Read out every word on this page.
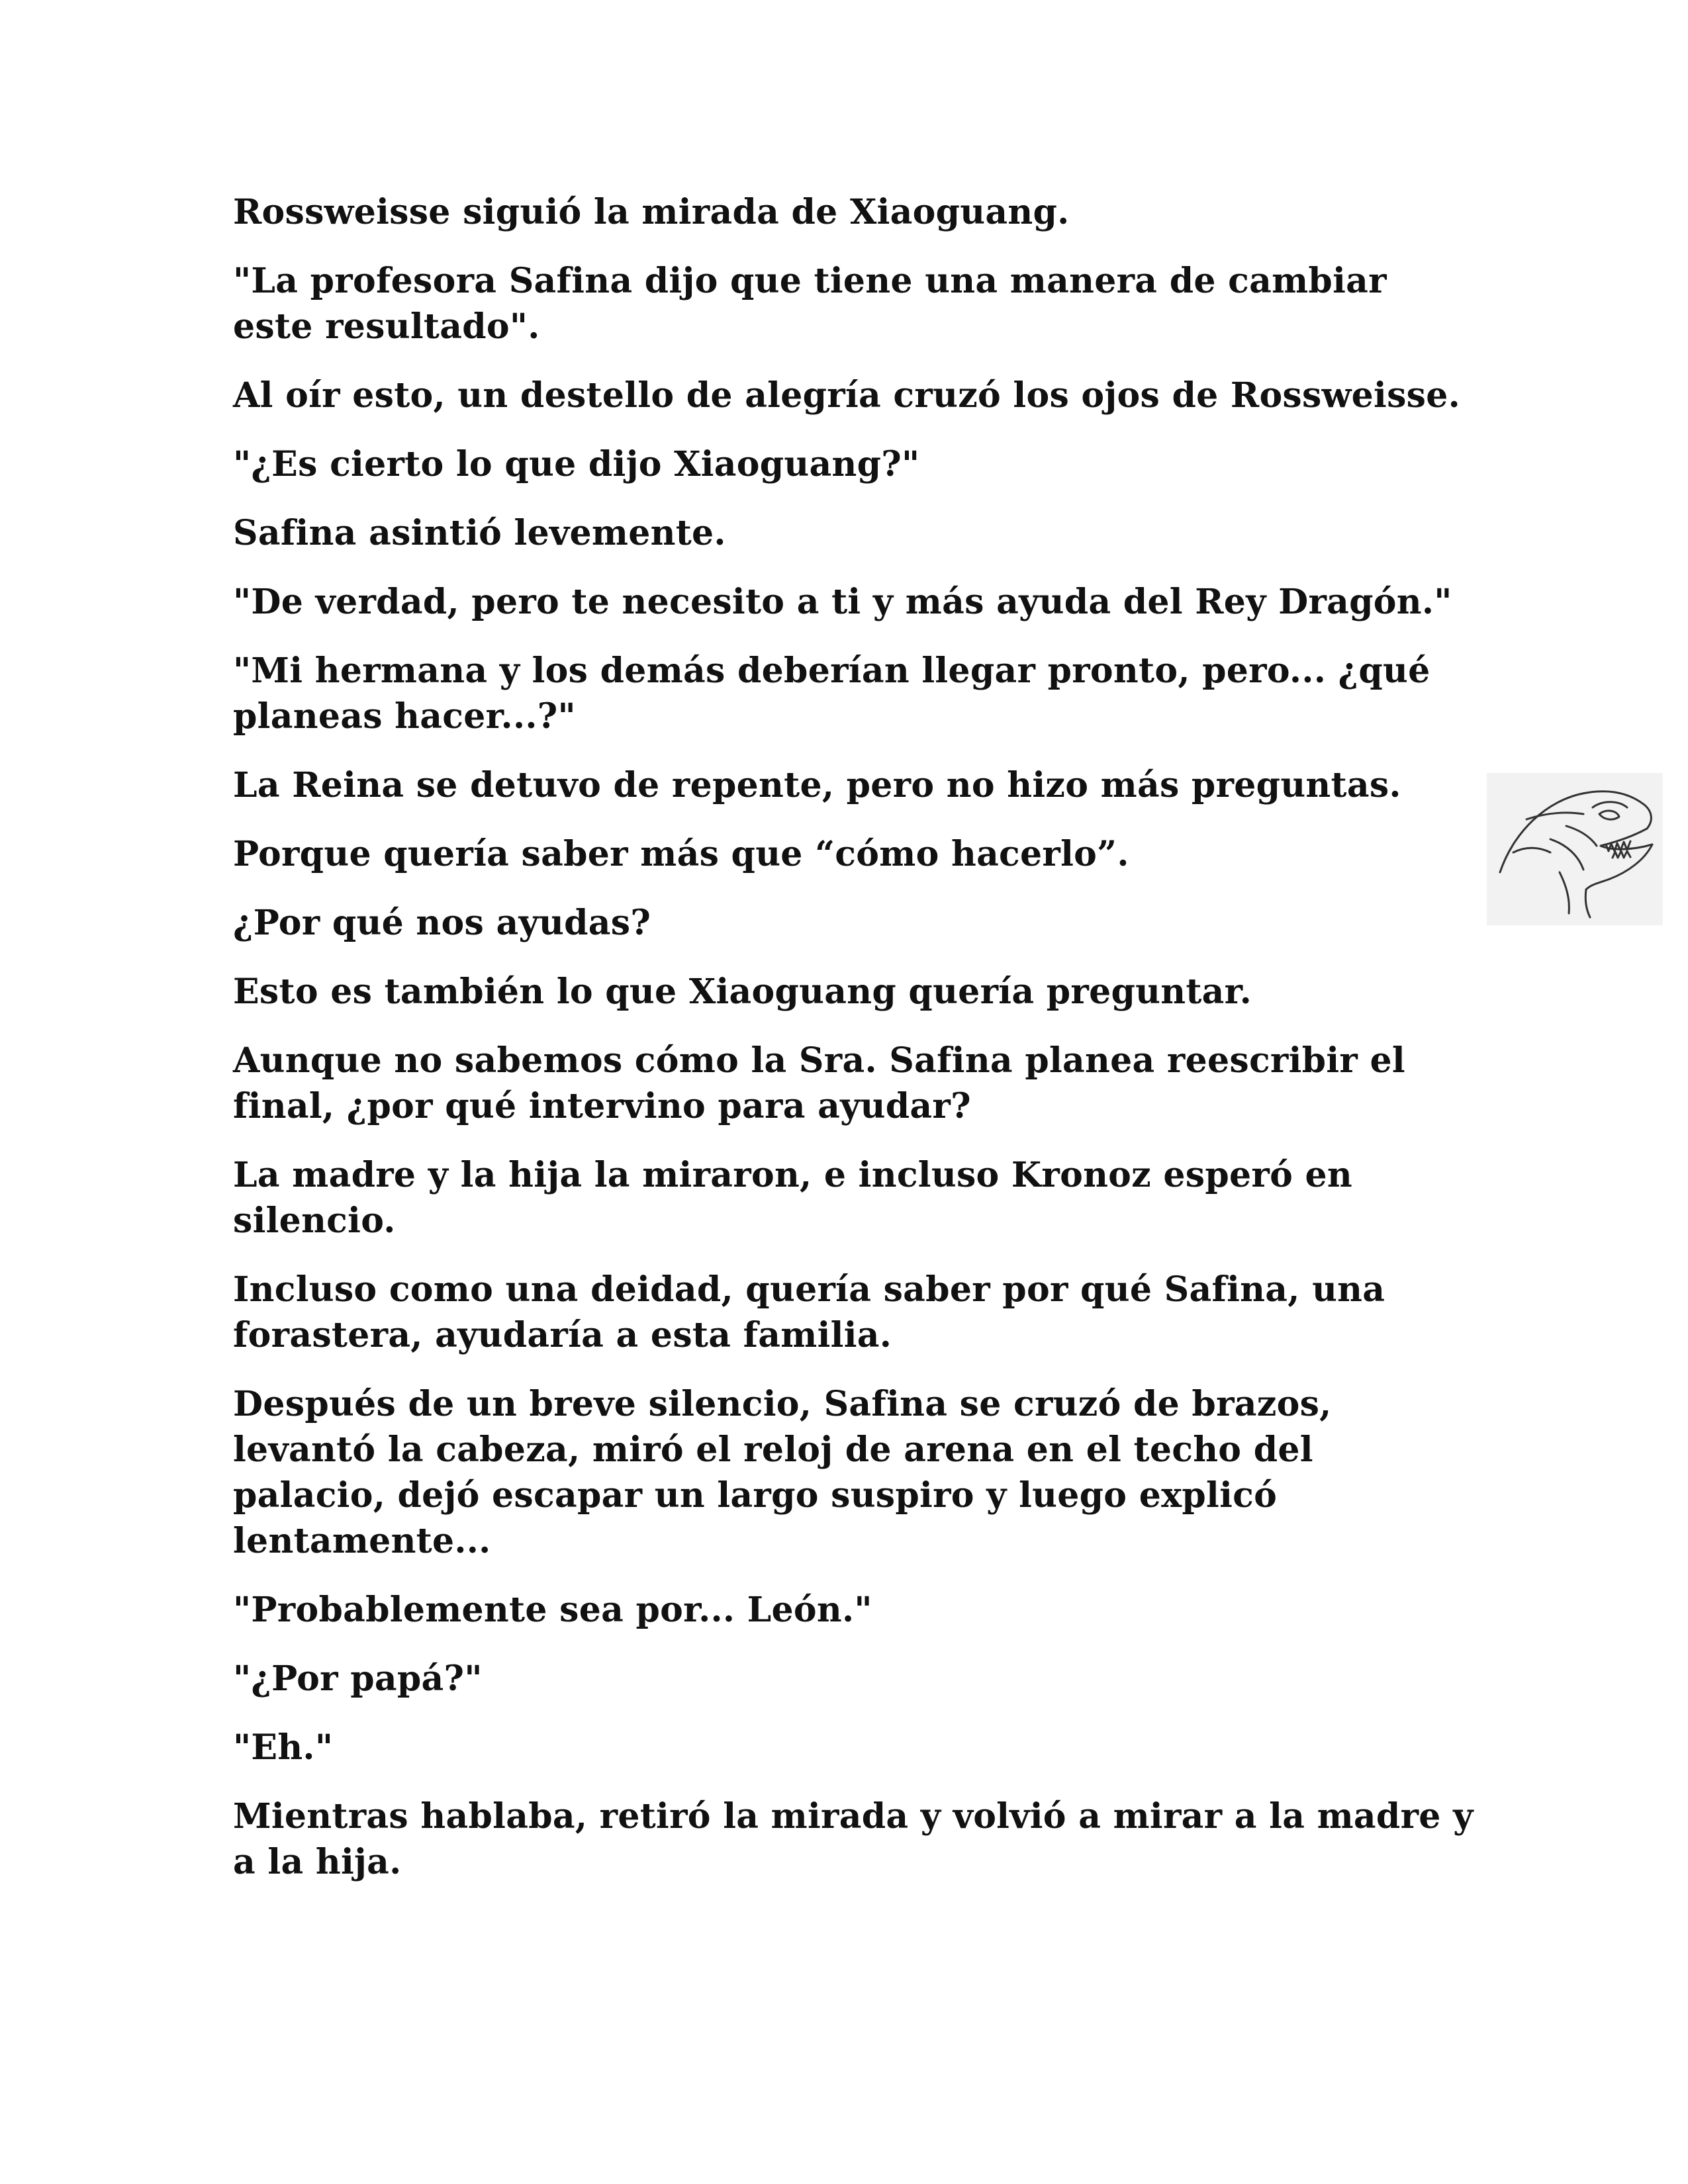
Rossweisse siguió la mirada de Xiaoguang.

"La profesora Safina dijo que tiene una manera de cambiar este resultado".

Al oír esto, un destello de alegría cruzó los ojos de Rossweisse.

"¿Es cierto lo que dijo Xiaoguang?"

Safina asintió levemente.

"De verdad, pero te necesito a ti y más ayuda del Rey Dragón."

"Mi hermana y los demás deberían llegar pronto, pero... ¿qué planeas hacer...?"

La Reina se detuvo de repente, pero no hizo más preguntas.

Porque quería saber más que “cómo hacerlo”.

¿Por qué nos ayudas?

Esto es también lo que Xiaoguang quería preguntar.

Aunque no sabemos cómo la Sra. Safina planea reescribir el final, ¿por qué intervino para ayudar?

La madre y la hija la miraron, e incluso Kronoz esperó en silencio.

Incluso como una deidad, quería saber por qué Safina, una forastera, ayudaría a esta familia.

Después de un breve silencio, Safina se cruzó de brazos, levantó la cabeza, miró el reloj de arena en el techo del palacio, dejó escapar un largo suspiro y luego explicó lentamente...

"Probablemente sea por... León."

"¿Por papá?"

"Eh."

Mientras hablaba, retiró la mirada y volvió a mirar a la madre y a la hija.
